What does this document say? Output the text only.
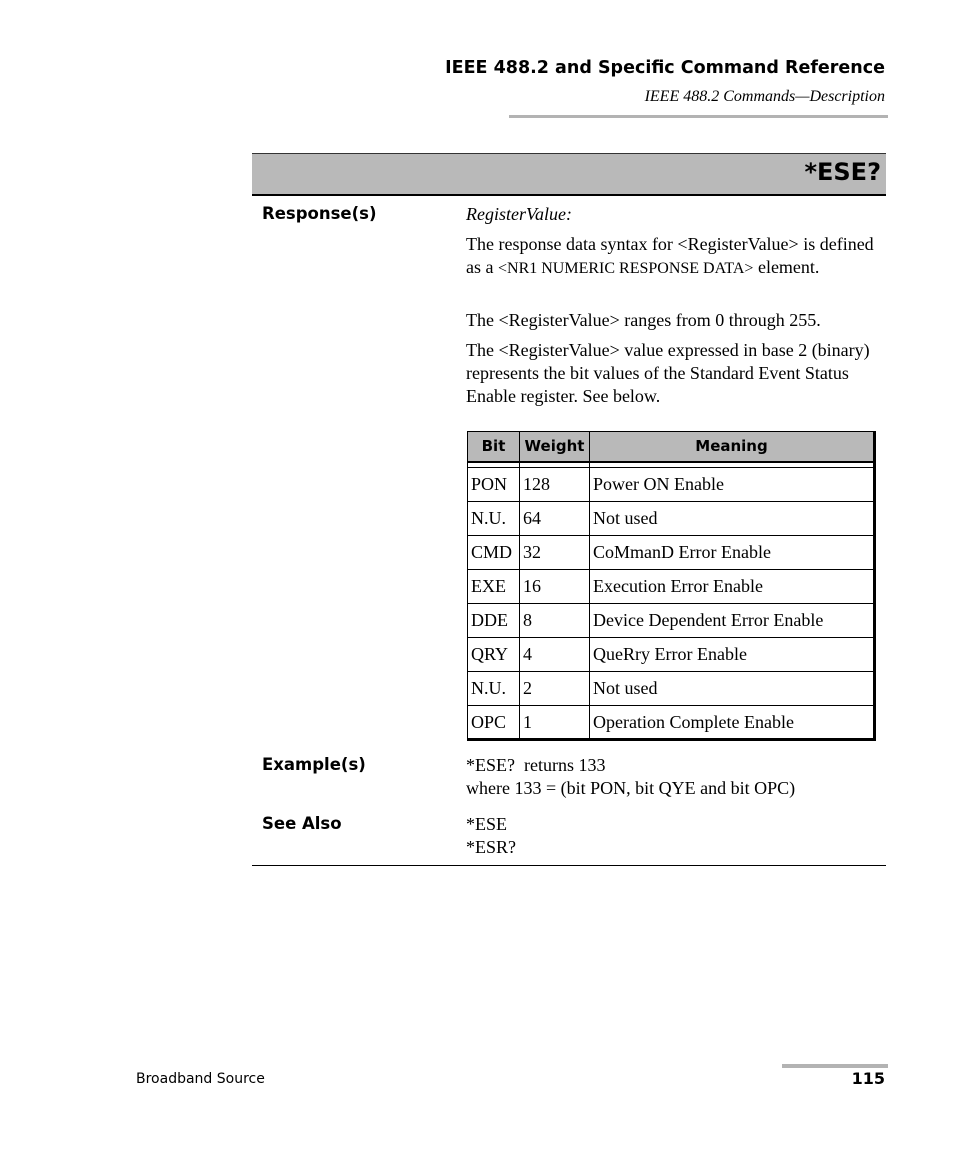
IEEE 488.2 and Specific Command Reference
IEEE 488.2 Commands—Description
*ESE?
Response(s)	RegisterValue:

The response data syntax for <RegisterValue> is defined as a <NR1 NUMERIC RESPONSE DATA> element.

The <RegisterValue> ranges from 0 through 255.

The <RegisterValue> value expressed in base 2 (binary) represents the bit values of the Standard Event Status Enable register. See below.

Bit	Weight	Meaning

PON	128	Power ON Enable
N.U.	64	Not used
CMD	32	CoMmanD Error Enable
EXE	16	Execution Error Enable
DDE	8	Device Dependent Error Enable
QRY	4	QueRry Error Enable
N.U.	2	Not used
OPC	1	Operation Complete Enable
Example(s)	*ESE?  returns 133

where 133 = (bit PON, bit QYE and bit OPC)

See Also	*ESE

*ESR?

Broadband Source	115
